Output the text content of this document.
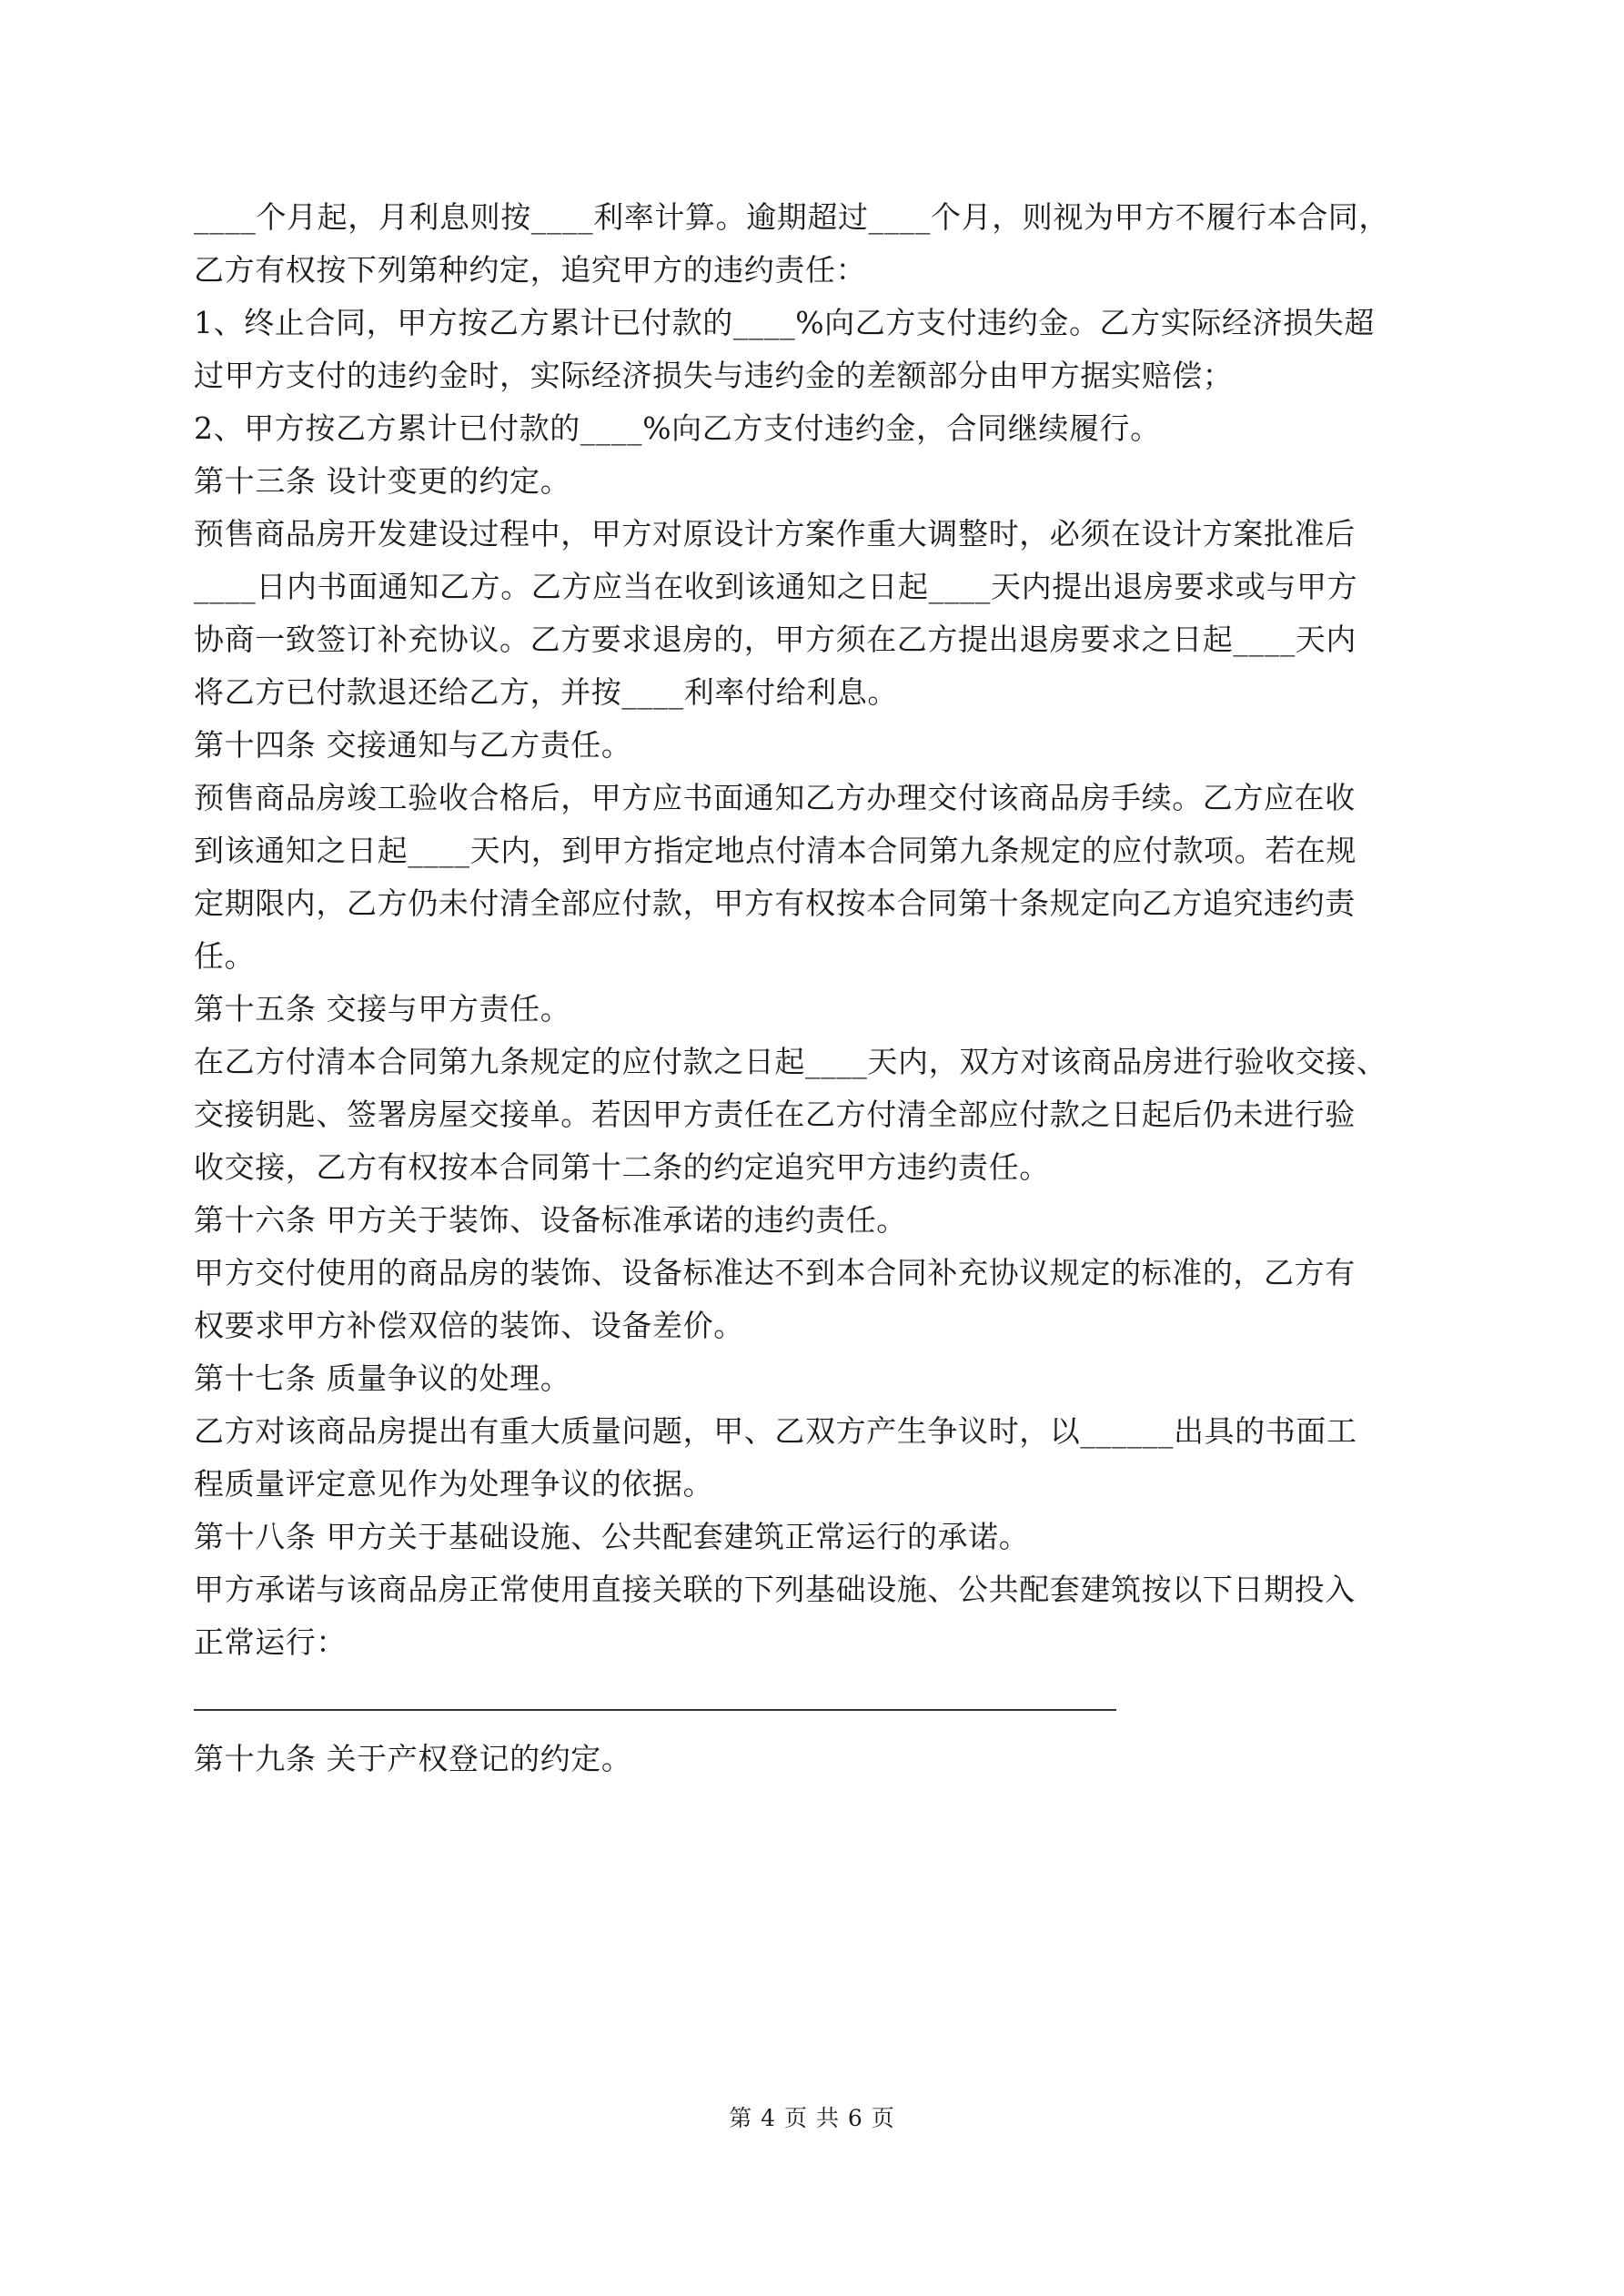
____个月起，月利息则按____利率计算。逾期超过____个月，则视为甲方不履行本合同，
乙方有权按下列第种约定，追究甲方的违约责任：
1、终止合同，甲方按乙方累计已付款的____%向乙方支付违约金。乙方实际经济损失超
过甲方支付的违约金时，实际经济损失与违约金的差额部分由甲方据实赔偿；
2、甲方按乙方累计已付款的____%向乙方支付违约金，合同继续履行。
第十三条 设计变更的约定。
预售商品房开发建设过程中，甲方对原设计方案作重大调整时，必须在设计方案批准后
____日内书面通知乙方。乙方应当在收到该通知之日起____天内提出退房要求或与甲方
协商一致签订补充协议。乙方要求退房的，甲方须在乙方提出退房要求之日起____天内
将乙方已付款退还给乙方，并按____利率付给利息。
第十四条 交接通知与乙方责任。
预售商品房竣工验收合格后，甲方应书面通知乙方办理交付该商品房手续。乙方应在收
到该通知之日起____天内，到甲方指定地点付清本合同第九条规定的应付款项。若在规
定期限内，乙方仍未付清全部应付款，甲方有权按本合同第十条规定向乙方追究违约责
任。
第十五条 交接与甲方责任。
在乙方付清本合同第九条规定的应付款之日起____天内，双方对该商品房进行验收交接、
交接钥匙、签署房屋交接单。若因甲方责任在乙方付清全部应付款之日起后仍未进行验
收交接，乙方有权按本合同第十二条的约定追究甲方违约责任。
第十六条 甲方关于装饰、设备标准承诺的违约责任。
甲方交付使用的商品房的装饰、设备标准达不到本合同补充协议规定的标准的，乙方有
权要求甲方补偿双倍的装饰、设备差价。
第十七条 质量争议的处理。
乙方对该商品房提出有重大质量问题，甲、乙双方产生争议时，以______出具的书面工
程质量评定意见作为处理争议的依据。
第十八条 甲方关于基础设施、公共配套建筑正常运行的承诺。
甲方承诺与该商品房正常使用直接关联的下列基础设施、公共配套建筑按以下日期投入
正常运行：
第十九条 关于产权登记的约定。
第 4 页 共 6 页
